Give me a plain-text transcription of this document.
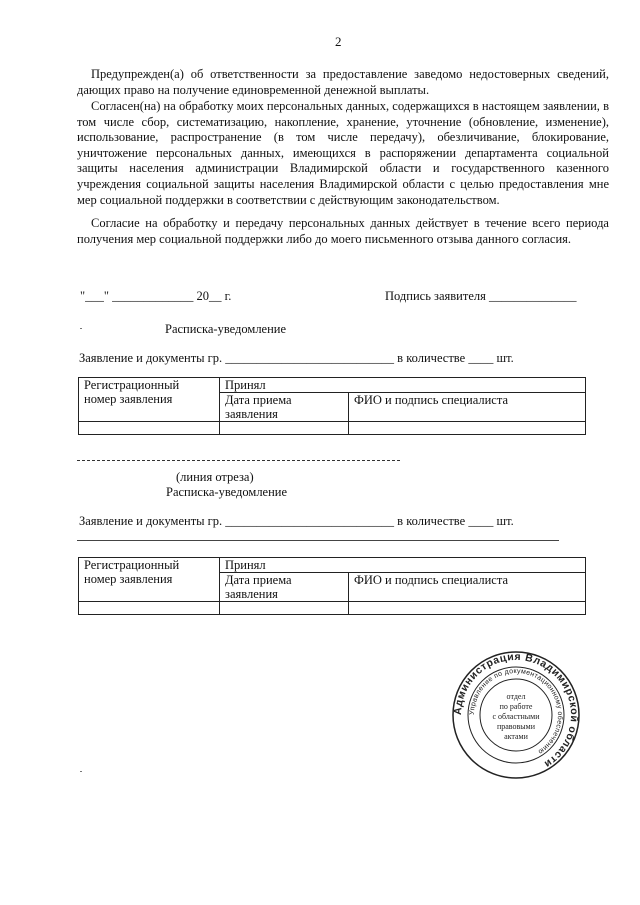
2

Предупрежден(а) об ответственности за предоставление заведомо недостоверных сведений, дающих право на получение единовременной денежной выплаты.

Согласен(на) на обработку моих персональных данных, содержащихся в настоящем заявлении, в том числе сбор, систематизацию, накопление, хранение, уточнение (обновление, изменение), использование, распространение (в том числе передачу), обезличивание, блокирование, уничтожение персональных данных, имеющихся в распоряжении департамента социальной защиты населения администрации Владимирской области и государственного казенного учреждения социальной защиты населения Владимирской области с целью предоставления мне мер социальной поддержки в соответствии с действующим законодательством.

Согласие на обработку и передачу персональных данных действует в течение всего периода получения мер социальной поддержки либо до моего письменного отзыва данного согласия.

"___" _____________ 20__ г.	Подпись заявителя ______________
Расписка-уведомление
Заявление и документы гр. ___________________________ в количестве ____ шт.
Регистрационный номер заявления	Принял	
	Дата приема заявления	ФИО и подпись специалиста

(линия отреза)
Расписка-уведомление
Заявление и документы гр. ___________________________ в количестве ____ шт.
Регистрационный номер заявления	Принял	
	Дата приема заявления	ФИО и подпись специалиста

Администрация Владимирской области
Управление по документационному обеспечению
отдел
по работе
с областными
правовыми
актами
